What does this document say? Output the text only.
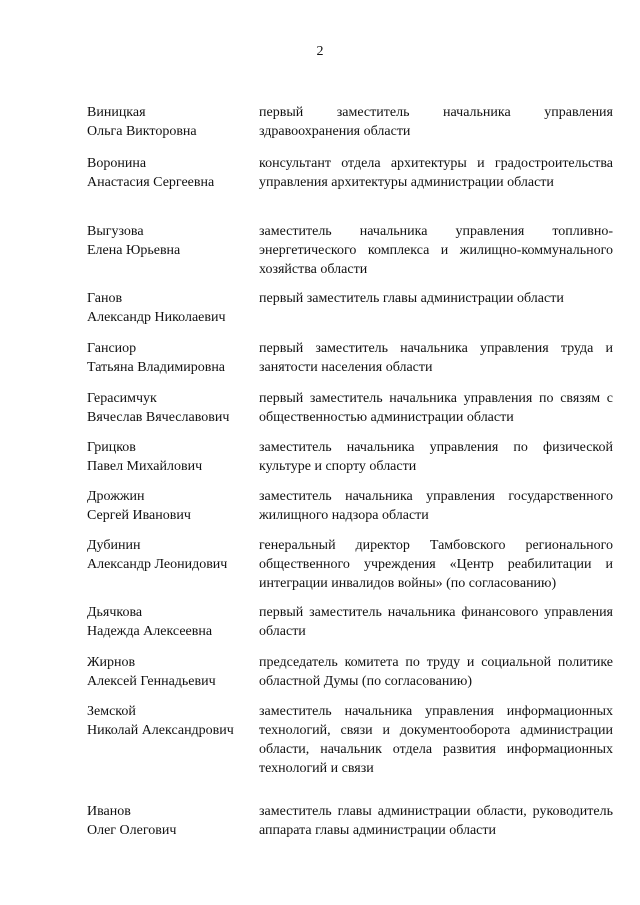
2
Виницкая
Ольга Викторовна
первый заместитель начальника управления здравоохранения области
Воронина
Анастасия Сергеевна
консультант отдела архитектуры и градостроительства управления архитектуры администрации области
Выгузова
Елена Юрьевна
заместитель начальника управления топливно-энергетического комплекса и жилищно-коммунального хозяйства области
Ганов
Александр Николаевич
первый заместитель главы администрации области
Гансиор
Татьяна Владимировна
первый заместитель начальника управления труда и занятости населения области
Герасимчук
Вячеслав Вячеславович
первый заместитель начальника управления по связям с общественностью администрации области
Грицков
Павел Михайлович
заместитель начальника управления по физической культуре и спорту области
Дрожжин
Сергей Иванович
заместитель начальника управления государственного жилищного надзора области
Дубинин
Александр Леонидович
генеральный директор Тамбовского регионального общественного учреждения «Центр реабилитации и интеграции инвалидов войны» (по согласованию)
Дьячкова
Надежда Алексеевна
первый заместитель начальника финансового управления области
Жирнов
Алексей Геннадьевич
председатель комитета по труду и социальной политике областной Думы (по согласованию)
Земской
Николай Александрович
заместитель начальника управления информационных технологий, связи и документооборота администрации области, начальник отдела развития информационных технологий и связи
Иванов
Олег Олегович
заместитель главы администрации области, руководитель аппарата главы администрации области
